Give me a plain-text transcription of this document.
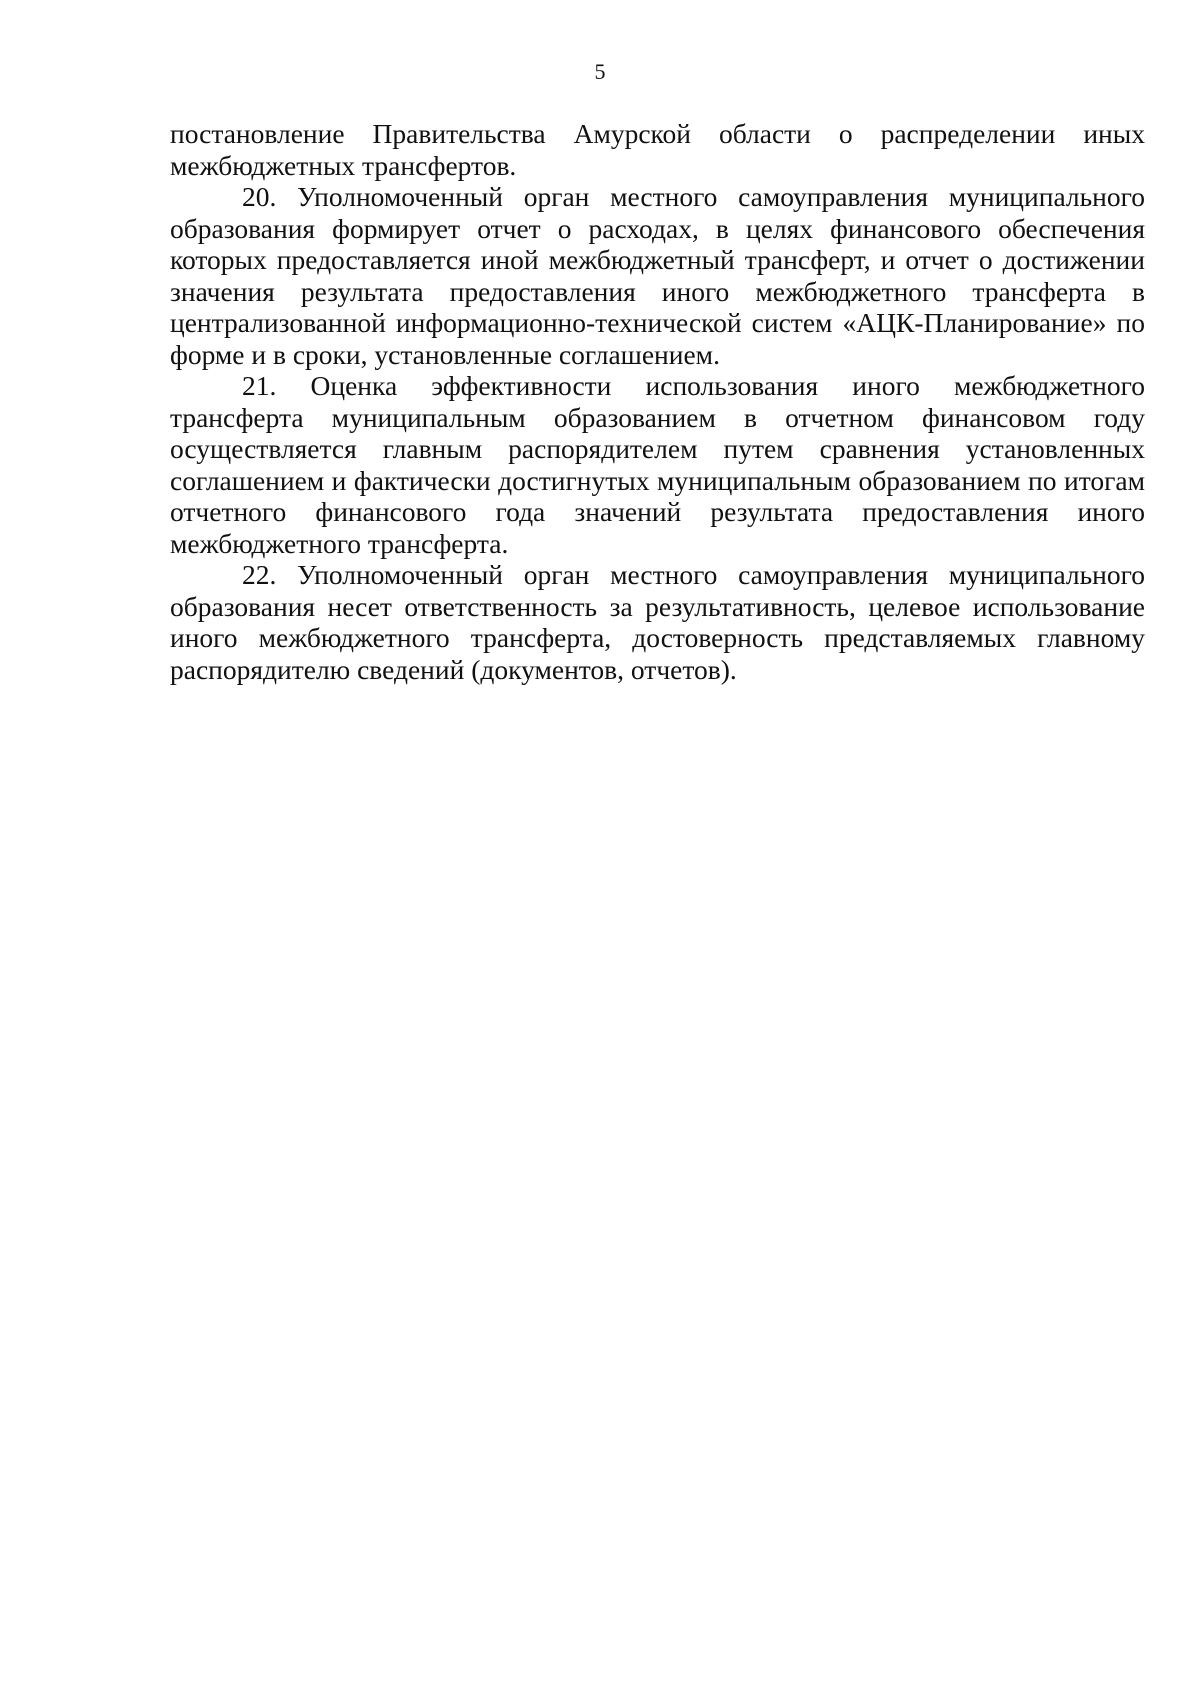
5

постановление Правительства Амурской области о распределении иных межбюджетных трансфертов.

20. Уполномоченный орган местного самоуправления муниципального образования формирует отчет о расходах, в целях финансового обеспечения которых предоставляется иной межбюджетный трансферт, и отчет о достижении значения результата предоставления иного межбюджетного трансферта в централизованной информационно-технической систем «АЦК-Планирование» по форме и в сроки, установленные соглашением.

21. Оценка эффективности использования иного межбюджетного трансферта муниципальным образованием в отчетном финансовом году осуществляется главным распорядителем путем сравнения установленных соглашением и фактически достигнутых муниципальным образованием по итогам отчетного финансового года значений результата предоставления иного межбюджетного трансферта.

22. Уполномоченный орган местного самоуправления муниципального образования несет ответственность за результативность, целевое использование иного межбюджетного трансферта, достоверность представляемых главному распорядителю сведений (документов, отчетов).
